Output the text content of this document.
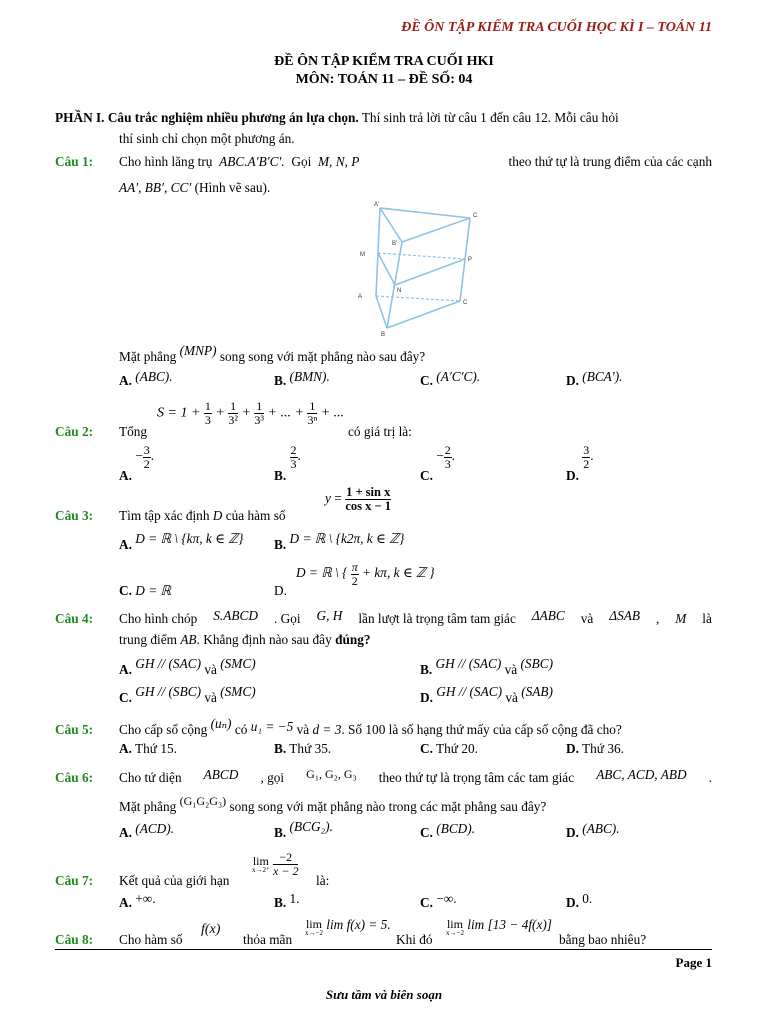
ĐỀ ÔN TẬP KIỂM TRA CUỐI HỌC KÌ I – TOÁN 11
ĐỀ ÔN TẬP KIỂM TRA CUỐI HKI
MÔN: TOÁN 11 – ĐỀ SỐ: 04
PHẦN I. Câu trắc nghiệm nhiều phương án lựa chọn. Thí sinh trả lời từ câu 1 đến câu 12. Mỗi câu hỏi
thí sinh chỉ chọn một phương án.
Câu 1: Cho hình lăng trụ ABC.A′B′C′. Gọi M, N, P	theo thứ tự là trung điểm của các cạnh
AA′, BB′, CC′ (Hình vẽ sau).
A'
C
B'
M
P
N
A
C
B
Mặt phẳng (MNP) song song với mặt phẳng nào sau đây?
A. (ABC).	B. (BMN).	C. (A′C′C).	D. (BCA′).
Câu 2: Tổng
$S = 1 + \frac{1}{3} + \frac{1}{\text{3²}} + \frac{1}{\text{3³}}$ + ... + $\frac{1}{\text{3ⁿ}}$ + ...
có giá trị là:
A. − $\frac{3}{2}$ .
B.
$\frac{2}{3}$ .
C. − $\frac{2}{3}$ .
D.
$\frac{3}{2}$ .
Câu 3: Tìm tập xác định D của hàm số
$y = \frac{\text{1 + sin x}}{\text{cos x − 1}}$
A. D = ℝ \ {kπ, k ∈ ℤ} B. D = ℝ \ {k2π, k ∈ ℤ}
C. D = ℝ	D.
D = ℝ \ { $\frac{\pi}{2} + k\pi$, k ∈ ℤ }
Câu 4: Cho hình chóp S.ABCD . Gọi G, H lần lượt là trọng tâm tam giác ΔABC và ΔSAB , M là
trung điểm AB. Khẳng định nào sau đây đúng?
A. GH // (SAC) và (SMC)	B. GH // (SAC) và (SBC)
C. GH // (SBC) và (SMC)	D. GH // (SAC) và (SAB)
Câu 5: Cho cấp số cộng (uₙ) có u₁ = −5 và d = 3. Số 100 là số hạng thứ mấy của cấp số cộng đã cho?
A. Thứ 15.	B. Thứ 35.	C. Thứ 20.	D. Thứ 36.
Câu 6: Cho tứ diện ABCD , gọi G₁, G₂, G₃ theo thứ tự là trọng tâm các tam giác ABC, ACD, ABD .
Mặt phẳng (G₁G₂G₃) song song với mặt phẳng nào trong các mặt phẳng sau đây?
A. (ACD).	B. (BCG₂).	C. (BCD).	D. (ABC).
Câu 7: Kết quả của giới hạn
lim
x→2⁺
$\frac{-2}{x - 2}$
là:
A. +∞.	B. 1.	C. −∞.	D. 0.
Câu 8: Cho hàm số
f(x)
thỏa mãn
lim
x→−2
lim f(x) = 5.
Khi đó
lim
x→−2
lim [13 − 4f(x)]
bằng bao nhiêu?
Page 1
Sưu tầm và biên soạn
